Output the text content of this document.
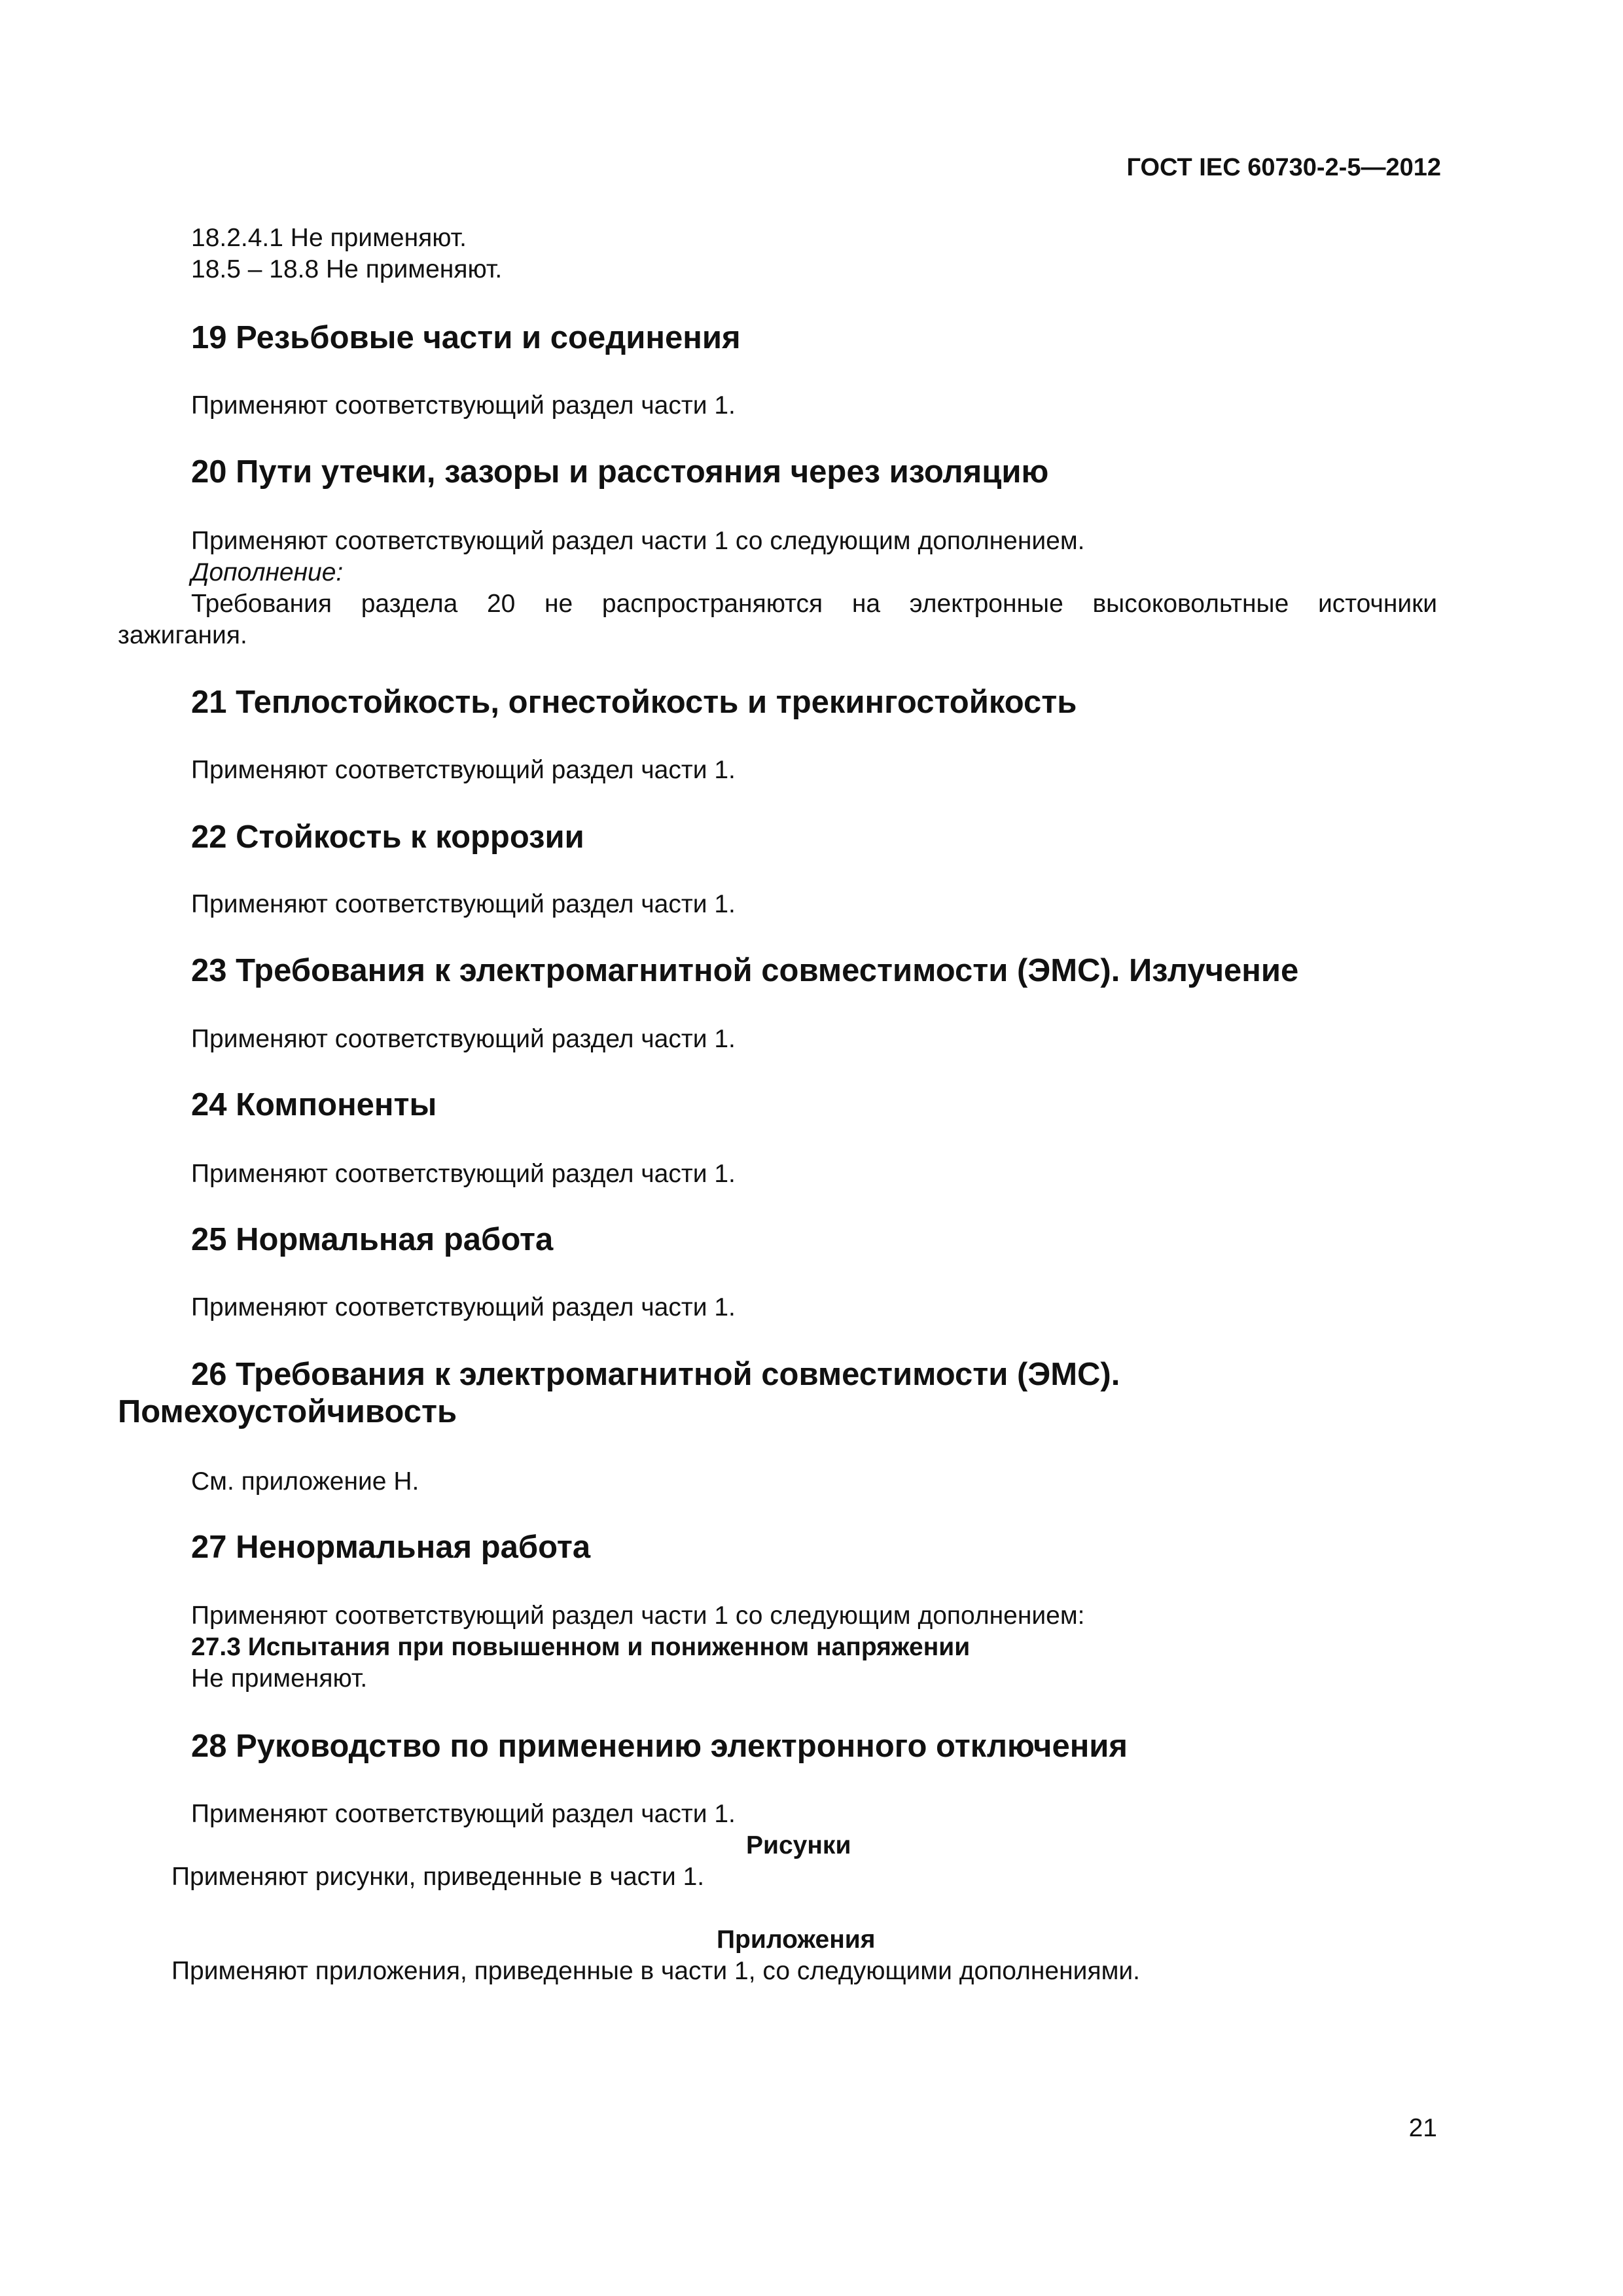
ГОСТ IEC 60730-2-5—2012
18.2.4.1 Не применяют.
18.5 – 18.8 Не применяют.
19 Резьбовые части и соединения
Применяют соответствующий раздел части 1.
20 Пути утечки, зазоры и расстояния через изоляцию
Применяют соответствующий раздел части 1 со следующим дополнением.
Дополнение:
Требования раздела 20 не распространяются на электронные высоковольтные источники
зажигания.
21 Теплостойкость, огнестойкость и трекингостойкость
Применяют соответствующий раздел части 1.
22 Стойкость к коррозии
Применяют соответствующий раздел части 1.
23 Требования к электромагнитной совместимости (ЭМС). Излучение
Применяют соответствующий раздел части 1.
24 Компоненты
Применяют соответствующий раздел части 1.
25 Нормальная работа
Применяют соответствующий раздел части 1.
26 Требования к электромагнитной совместимости (ЭМС).
Помехоустойчивость
См. приложение H.
27 Ненормальная работа
Применяют соответствующий раздел части 1 со следующим дополнением:
27.3 Испытания при повышенном и пониженном напряжении
Не применяют.
28 Руководство по применению электронного отключения
Применяют соответствующий раздел части 1.
Рисунки
Применяют рисунки, приведенные в части 1.
Приложения
Применяют приложения, приведенные в части 1, со следующими дополнениями.
21
